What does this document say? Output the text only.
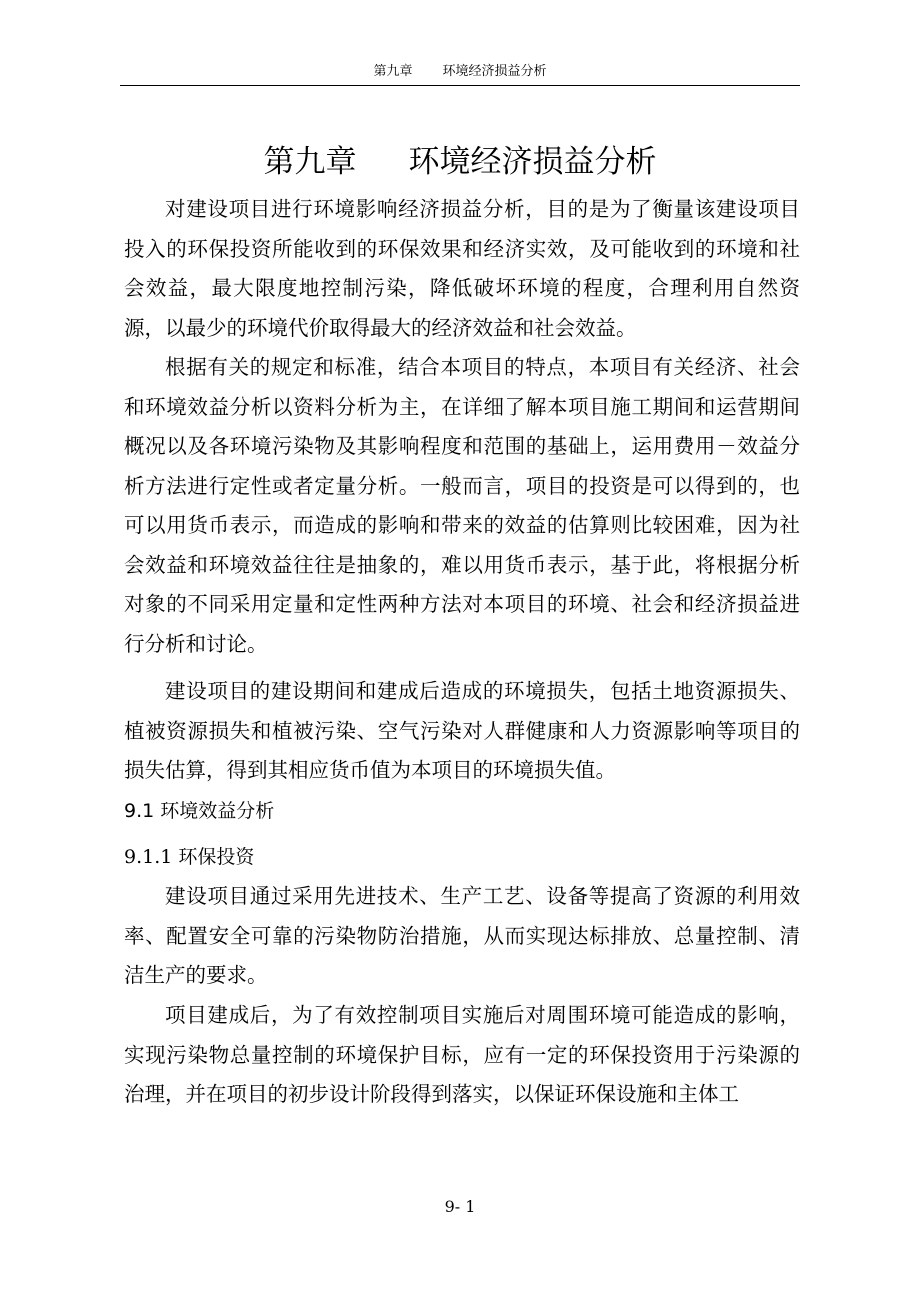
第九章 环境经济损益分析
第九章 环境经济损益分析

对建设项目进行环境影响经济损益分析，目的是为了衡量该建设项目投入的环保投资所能收到的环保效果和经济实效，及可能收到的环境和社会效益，最大限度地控制污染，降低破坏环境的程度，合理利用自然资源，以最少的环境代价取得最大的经济效益和社会效益。

根据有关的规定和标准，结合本项目的特点，本项目有关经济、社会和环境效益分析以资料分析为主，在详细了解本项目施工期间和运营期间概况以及各环境污染物及其影响程度和范围的基础上，运用费用－效益分析方法进行定性或者定量分析。一般而言，项目的投资是可以得到的，也可以用货币表示，而造成的影响和带来的效益的估算则比较困难，因为社会效益和环境效益往往是抽象的，难以用货币表示，基于此，将根据分析对象的不同采用定量和定性两种方法对本项目的环境、社会和经济损益进行分析和讨论。

建设项目的建设期间和建成后造成的环境损失，包括土地资源损失、植被资源损失和植被污染、空气污染对人群健康和人力资源影响等项目的损失估算，得到其相应货币值为本项目的环境损失值。

9.1 环境效益分析

9.1.1 环保投资

建设项目通过采用先进技术、生产工艺、设备等提高了资源的利用效率、配置安全可靠的污染物防治措施，从而实现达标排放、总量控制、清洁生产的要求。

项目建成后，为了有效控制项目实施后对周围环境可能造成的影响，实现污染物总量控制的环境保护目标，应有一定的环保投资用于污染源的治理，并在项目的初步设计阶段得到落实，以保证环保设施和主体工

9- 1
